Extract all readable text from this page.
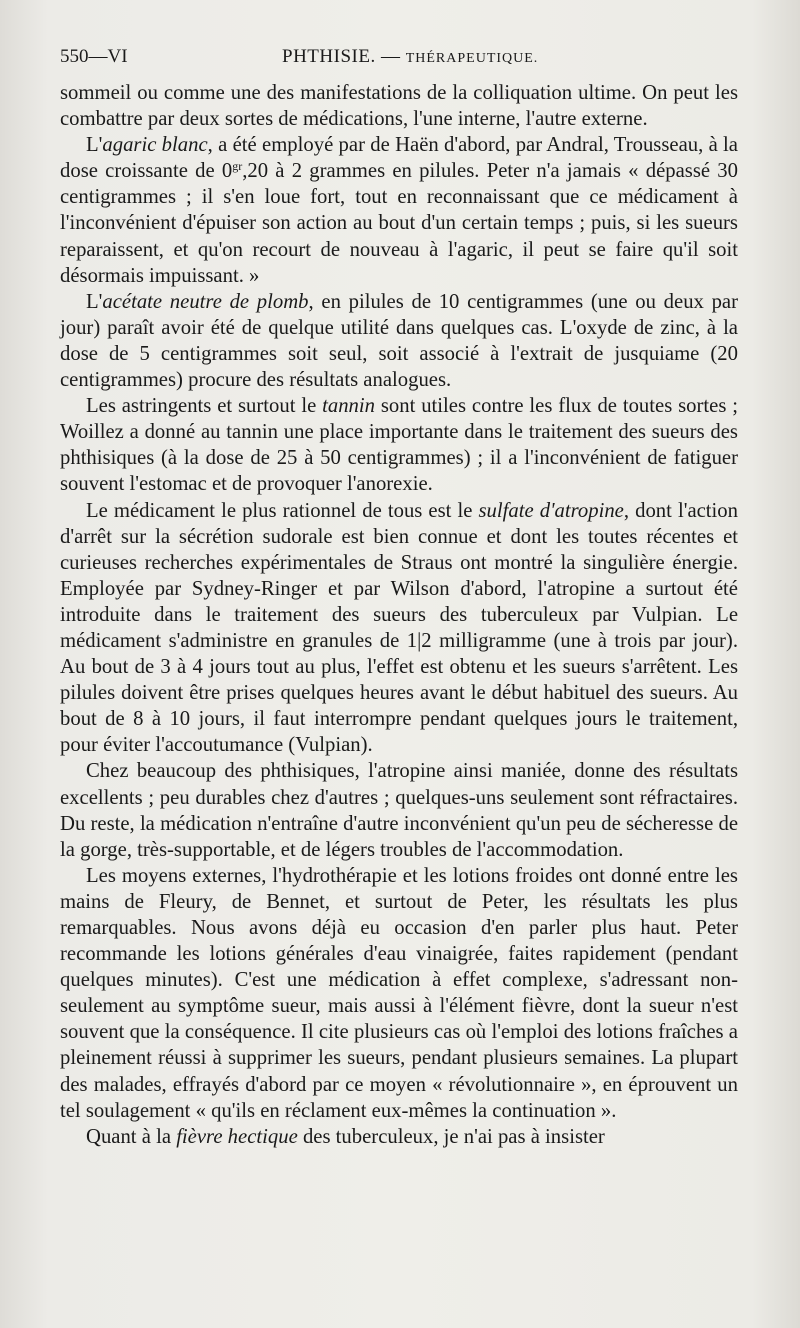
550—VI	PHTHISIE. — THÉRAPEUTIQUE.

sommeil ou comme une des manifestations de la colliquation ultime. On peut les combattre par deux sortes de médications, l'une interne, l'autre externe.

L'agaric blanc, a été employé par de Haën d'abord, par Andral, Trousseau, à la dose croissante de $0^{gr},20$ à 2 grammes en pilules. Peter n'a jamais « dépassé 30 centigrammes ; il s'en loue fort, tout en reconnaissant que ce médicament à l'inconvénient d'épuiser son action au bout d'un certain temps ; puis, si les sueurs reparaissent, et qu'on recourt de nouveau à l'agaric, il peut se faire qu'il soit désormais impuissant. »

L'acétate neutre de plomb, en pilules de 10 centigrammes (une ou deux par jour) paraît avoir été de quelque utilité dans quelques cas. L'oxyde de zinc, à la dose de 5 centigrammes soit seul, soit associé à l'extrait de jusquiame (20 centigrammes) procure des résultats analogues.

Les astringents et surtout le tannin sont utiles contre les flux de toutes sortes ; Woillez a donné au tannin une place importante dans le traitement des sueurs des phthisiques (à la dose de 25 à 50 centigrammes) ; il a l'inconvénient de fatiguer souvent l'estomac et de provoquer l'anorexie.

Le médicament le plus rationnel de tous est le sulfate d'atropine, dont l'action d'arrêt sur la sécrétion sudorale est bien connue et dont les toutes récentes et curieuses recherches expérimentales de Straus ont montré la singulière énergie. Employée par Sydney-Ringer et par Wilson d'abord, l'atropine a surtout été introduite dans le traitement des sueurs des tuberculeux par Vulpian. Le médicament s'administre en granules de 1|2 milligramme (une à trois par jour). Au bout de 3 à 4 jours tout au plus, l'effet est obtenu et les sueurs s'arrêtent. Les pilules doivent être prises quelques heures avant le début habituel des sueurs. Au bout de 8 à 10 jours, il faut interrompre pendant quelques jours le traitement, pour éviter l'accoutumance (Vulpian).

Chez beaucoup des phthisiques, l'atropine ainsi maniée, donne des résultats excellents ; peu durables chez d'autres ; quelques-uns seulement sont réfractaires. Du reste, la médication n'entraîne d'autre inconvénient qu'un peu de sécheresse de la gorge, très-supportable, et de légers troubles de l'accommodation.

Les moyens externes, l'hydrothérapie et les lotions froides ont donné entre les mains de Fleury, de Bennet, et surtout de Peter, les résultats les plus remarquables. Nous avons déjà eu occasion d'en parler plus haut. Peter recommande les lotions générales d'eau vinaigrée, faites rapidement (pendant quelques minutes). C'est une médication à effet complexe, s'adressant non-seulement au symptôme sueur, mais aussi à l'élément fièvre, dont la sueur n'est souvent que la conséquence. Il cite plusieurs cas où l'emploi des lotions fraîches a pleinement réussi à supprimer les sueurs, pendant plusieurs semaines. La plupart des malades, effrayés d'abord par ce moyen « révolutionnaire », en éprouvent un tel soulagement « qu'ils en réclament eux-mêmes la continuation ».

Quant à la fièvre hectique des tuberculeux, je n'ai pas à insister
